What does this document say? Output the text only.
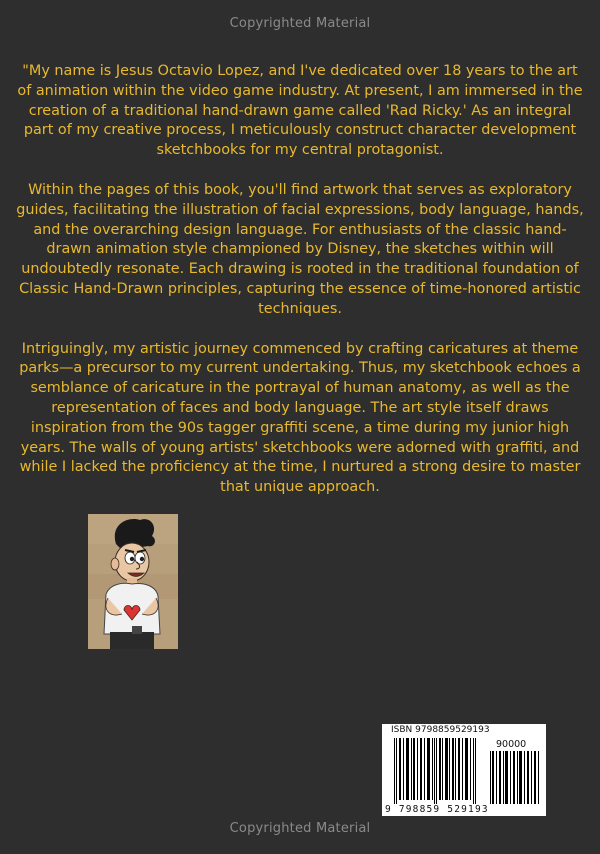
Copyrighted Material

"My name is Jesus Octavio Lopez, and I've dedicated over 18 years to the art of animation within the video game industry. At present, I am immersed in the creation of a traditional hand-drawn game called 'Rad Ricky.' As an integral part of my creative process, I meticulously construct character development sketchbooks for my central protagonist.

Within the pages of this book, you'll find artwork that serves as exploratory guides, facilitating the illustration of facial expressions, body language, hands, and the overarching design language. For enthusiasts of the classic hand-drawn animation style championed by Disney, the sketches within will undoubtedly resonate. Each drawing is rooted in the traditional foundation of Classic Hand-Drawn principles, capturing the essence of time-honored artistic techniques.

Intriguingly, my artistic journey commenced by crafting caricatures at theme parks—a precursor to my current undertaking. Thus, my sketchbook echoes a semblance of caricature in the portrayal of human anatomy, as well as the representation of faces and body language. The art style itself draws inspiration from the 90s tagger graffiti scene, a time during my junior high years. The walls of young artists' sketchbooks were adorned with graffiti, and while I lacked the proficiency at the time, I nurtured a strong desire to master that unique approach.

ISBN 9798859529193
90000
9 798859 529193
Copyrighted Material
